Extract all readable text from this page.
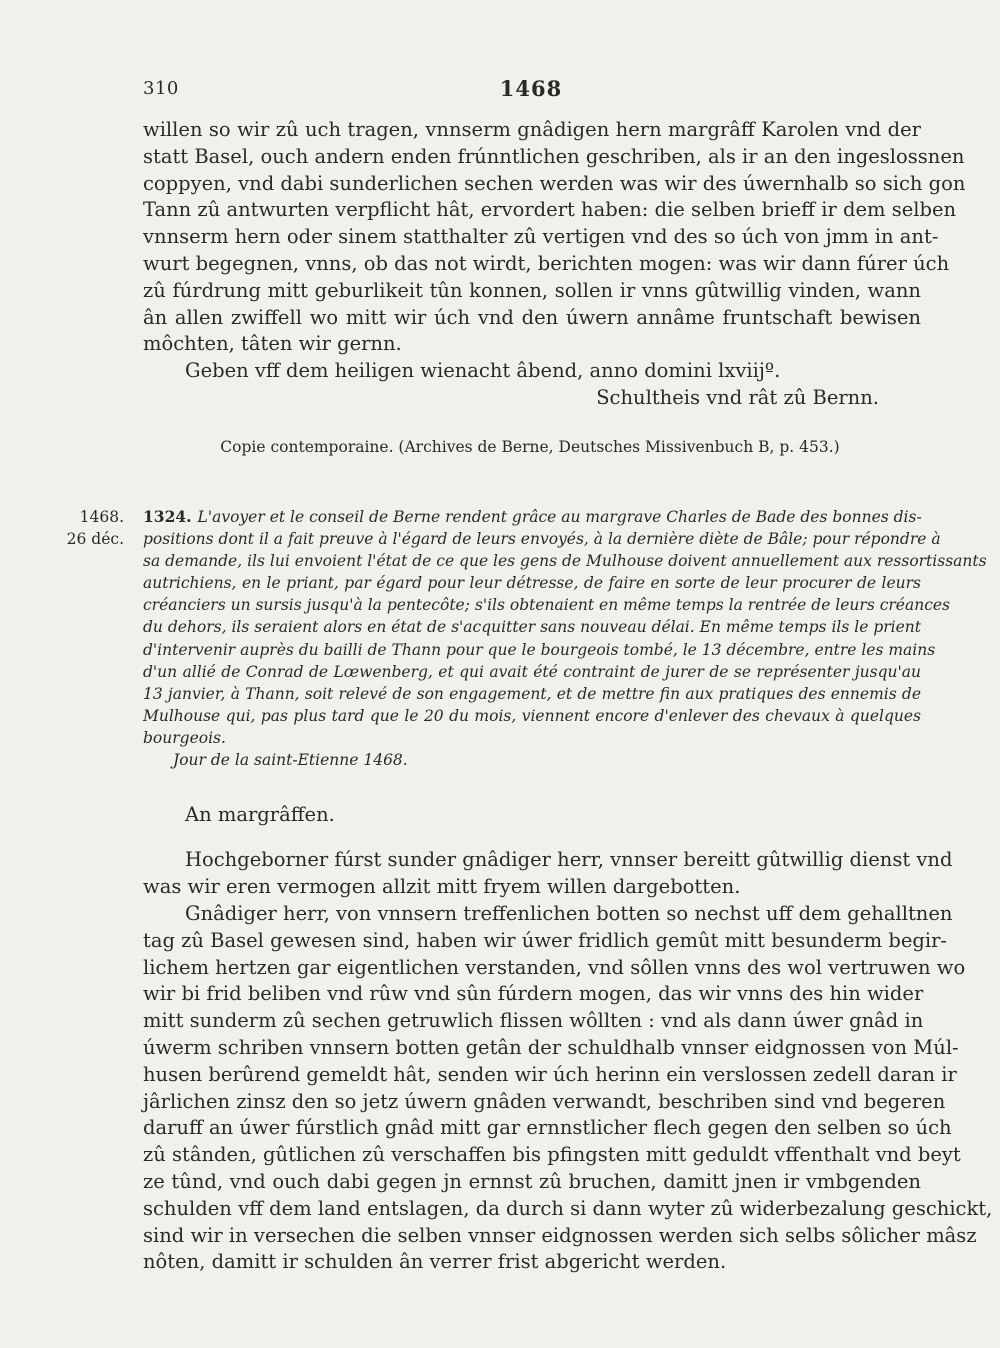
310	1468
willen so wir zû uch tragen, vnnserm gnâdigen hern margrâff Karolen vnd der
statt Basel, ouch andern enden frúnntlichen geschriben, als ir an den ingeslossnen
coppyen, vnd dabi sunderlichen sechen werden was wir des úwernhalb so sich gon
Tann zû antwurten verpflicht hât, ervordert haben: die selben brieff ir dem selben
vnnserm hern oder sinem statthalter zû vertigen vnd des so úch von jmm in ant-
wurt begegnen, vnns, ob das not wirdt, berichten mogen: was wir dann fúrer úch
zû fúrdrung mitt geburlikeit tûn konnen, sollen ir vnns gûtwillig vinden, wann
ân allen zwiffell wo mitt wir úch vnd den úwern annâme fruntschaft bewisen
môchten, tâten wir gernn.
Geben vff dem heiligen wienacht âbend, anno domini lxviijº.
Schultheis vnd rât zû Bernn.
Copie contemporaine. (Archives de Berne, Deutsches Missivenbuch B, p. 453.)
1468.
26 déc.
1324. L'avoyer et le conseil de Berne rendent grâce au margrave Charles de Bade des bonnes dis-
positions dont il a fait preuve à l'égard de leurs envoyés, à la dernière diète de Bâle; pour répondre à
sa demande, ils lui envoient l'état de ce que les gens de Mulhouse doivent annuellement aux ressortissants
autrichiens, en le priant, par égard pour leur détresse, de faire en sorte de leur procurer de leurs
créanciers un sursis jusqu'à la pentecôte; s'ils obtenaient en même temps la rentrée de leurs créances
du dehors, ils seraient alors en état de s'acquitter sans nouveau délai. En même temps ils le prient
d'intervenir auprès du bailli de Thann pour que le bourgeois tombé, le 13 décembre, entre les mains
d'un allié de Conrad de Lœwenberg, et qui avait été contraint de jurer de se représenter jusqu'au
13 janvier, à Thann, soit relevé de son engagement, et de mettre fin aux pratiques des ennemis de
Mulhouse qui, pas plus tard que le 20 du mois, viennent encore d'enlever des chevaux à quelques
bourgeois.
Jour de la saint-Etienne 1468.
An margrâffen.
Hochgeborner fúrst sunder gnâdiger herr, vnnser bereitt gûtwillig dienst vnd
was wir eren vermogen allzit mitt fryem willen dargebotten.
Gnâdiger herr, von vnnsern treffenlichen botten so nechst uff dem gehalltnen
tag zû Basel gewesen sind, haben wir úwer fridlich gemût mitt besunderm begir-
lichem hertzen gar eigentlichen verstanden, vnd sôllen vnns des wol vertruwen wo
wir bi frid beliben vnd rûw vnd sûn fúrdern mogen, das wir vnns des hin wider
mitt sunderm zû sechen getruwlich flissen wôllten : vnd als dann úwer gnâd in
úwerm schriben vnnsern botten getân der schuldhalb vnnser eidgnossen von Múl-
husen berûrend gemeldt hât, senden wir úch herinn ein verslossen zedell daran ir
jârlichen zinsz den so jetz úwern gnâden verwandt, beschriben sind vnd begeren
daruff an úwer fúrstlich gnâd mitt gar ernnstlicher flech gegen den selben so úch
zû stânden, gûtlichen zû verschaffen bis pfingsten mitt geduldt vffenthalt vnd beyt
ze tûnd, vnd ouch dabi gegen jn ernnst zû bruchen, damitt jnen ir vmbgenden
schulden vff dem land entslagen, da durch si dann wyter zû widerbezalung geschickt,
sind wir in versechen die selben vnnser eidgnossen werden sich selbs sôlicher mâsz
nôten, damitt ir schulden ân verrer frist abgericht werden.
